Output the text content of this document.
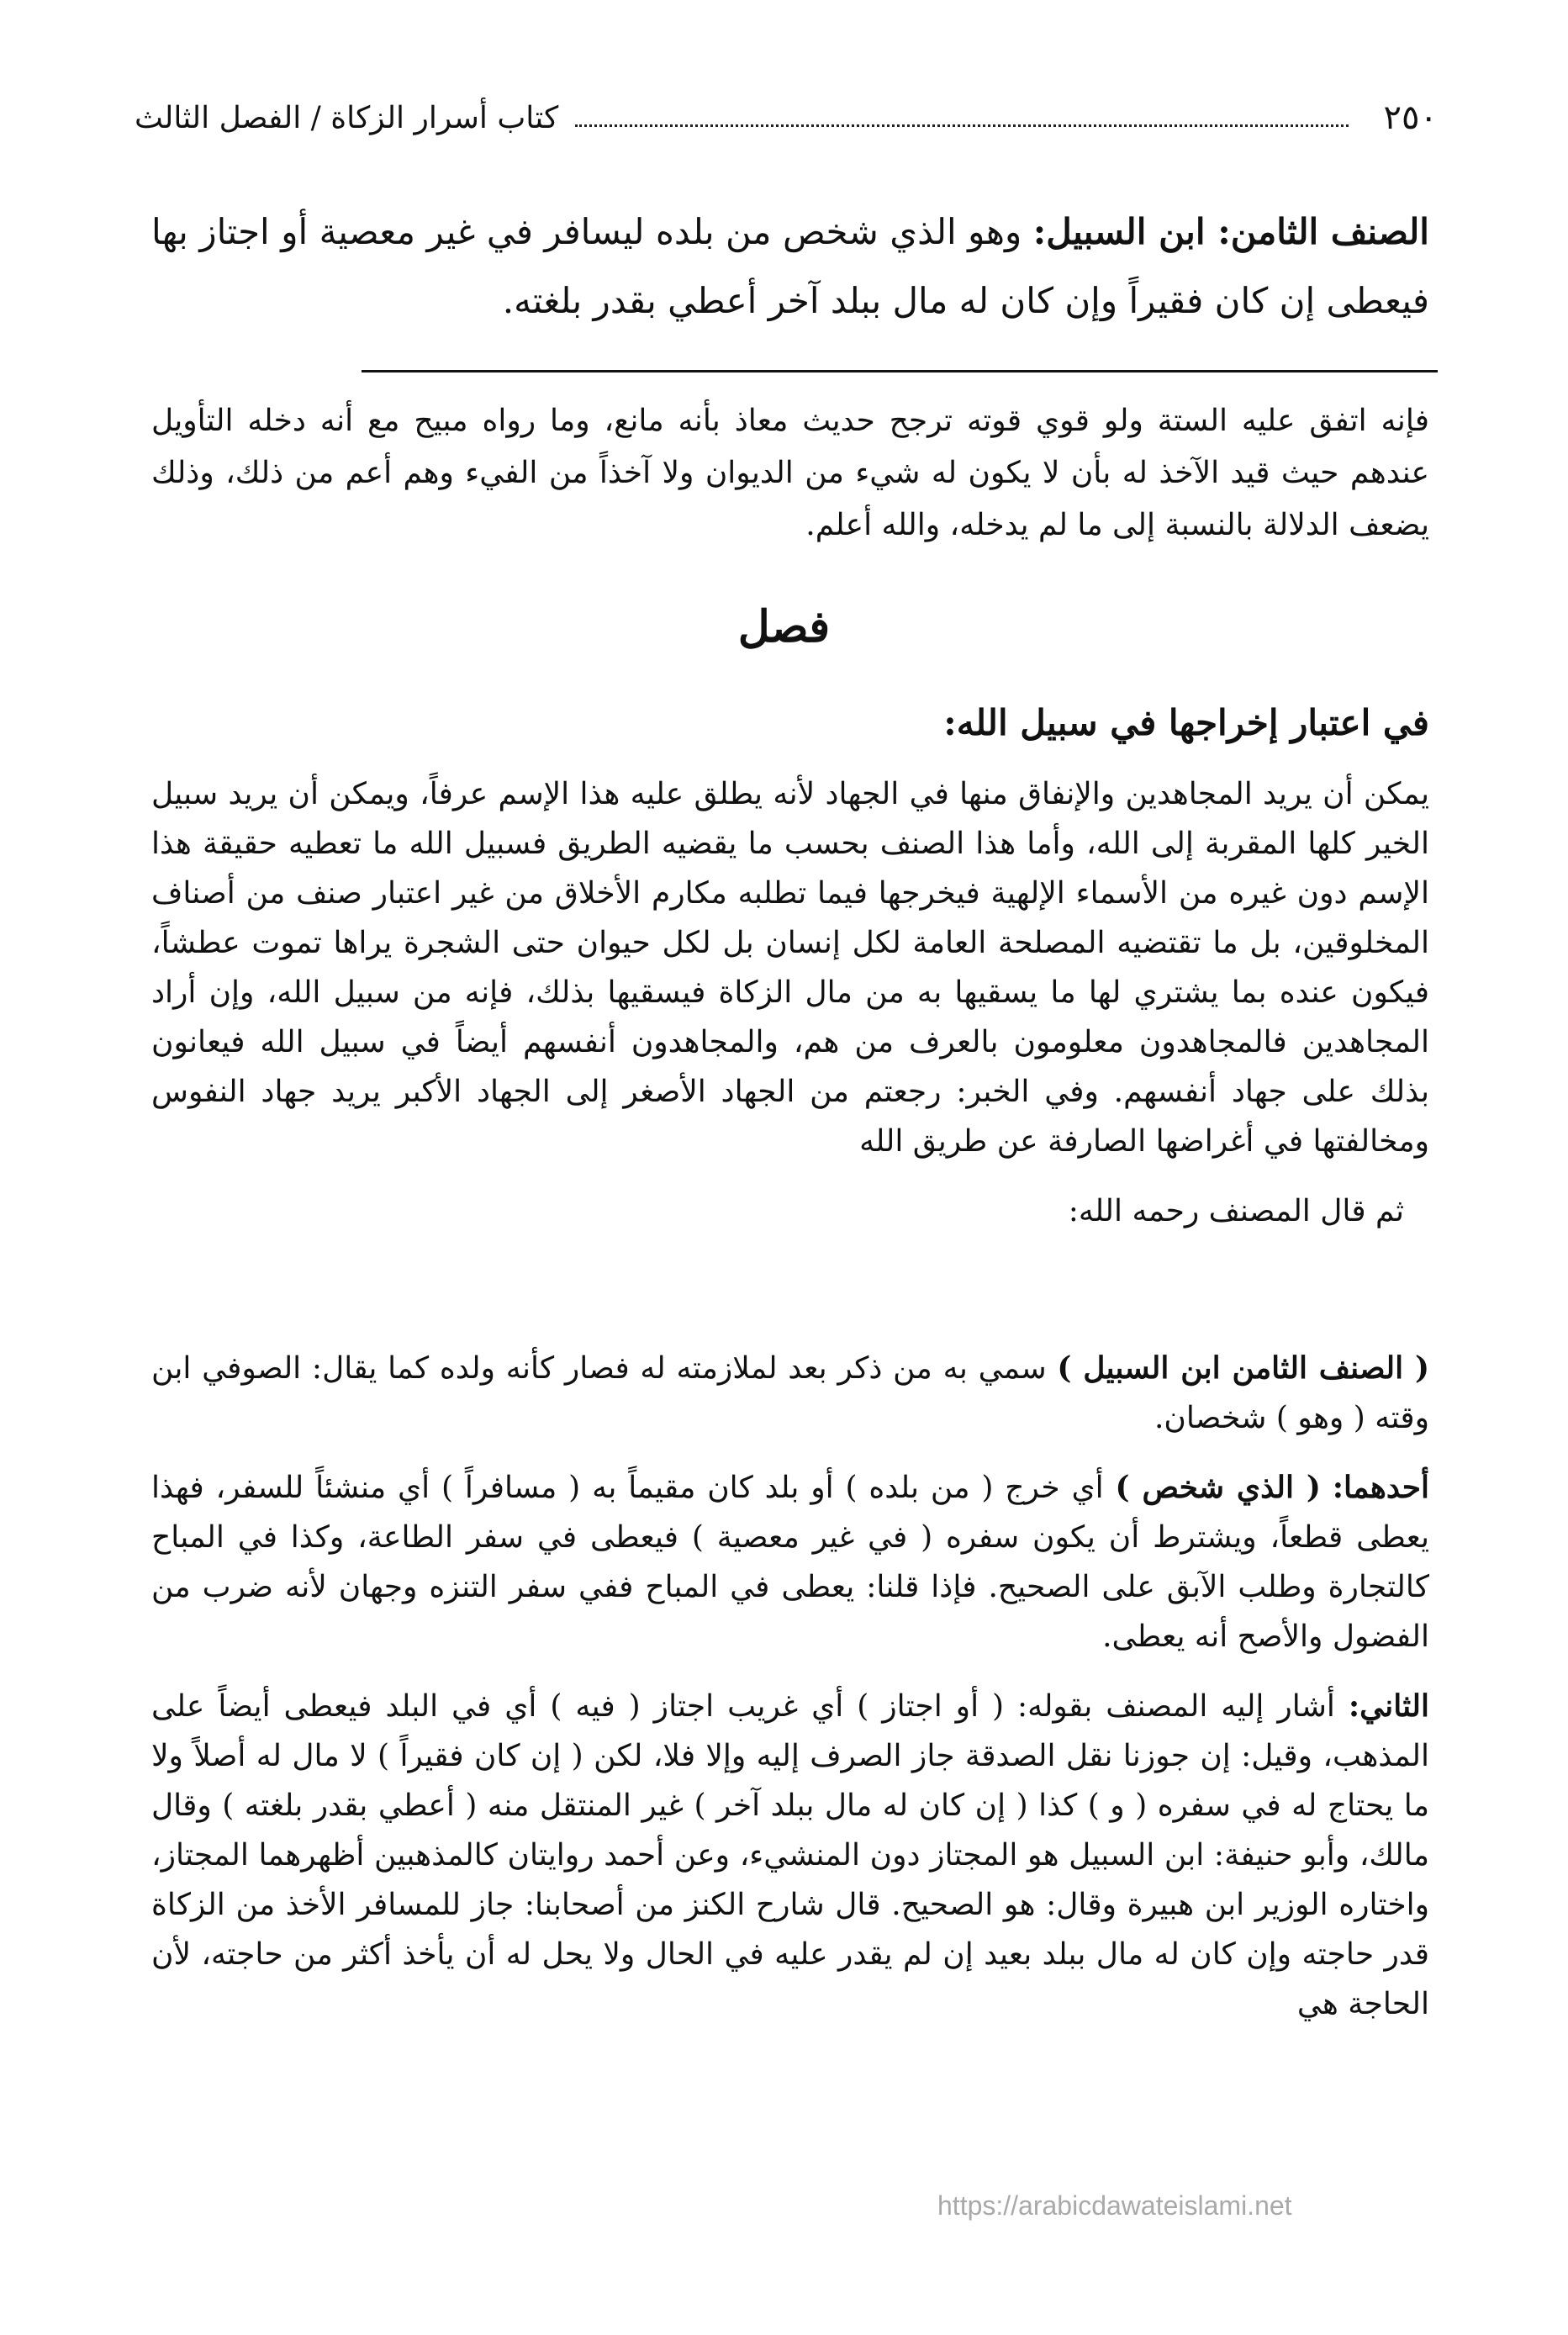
٢٥٠
كتاب أسرار الزكاة / الفصل الثالث

الصنف الثامن: ابن السبيل: وهو الذي شخص من بلده ليسافر في غير معصية أو اجتاز بها فيعطى إن كان فقيراً وإن كان له مال ببلد آخر أعطي بقدر بلغته.

فإنه اتفق عليه الستة ولو قوي قوته ترجح حديث معاذ بأنه مانع، وما رواه مبيح مع أنه دخله التأويل عندهم حيث قيد الآخذ له بأن لا يكون له شيء من الديوان ولا آخذاً من الفيء وهم أعم من ذلك، وذلك يضعف الدلالة بالنسبة إلى ما لم يدخله، والله أعلم.

فصل
في اعتبار إخراجها في سبيل الله:

يمكن أن يريد المجاهدين والإنفاق منها في الجهاد لأنه يطلق عليه هذا الإسم عرفاً، ويمكن أن يريد سبيل الخير كلها المقربة إلى الله، وأما هذا الصنف بحسب ما يقضيه الطريق فسبيل الله ما تعطيه حقيقة هذا الإسم دون غيره من الأسماء الإلهية فيخرجها فيما تطلبه مكارم الأخلاق من غير اعتبار صنف من أصناف المخلوقين، بل ما تقتضيه المصلحة العامة لكل إنسان بل لكل حيوان حتى الشجرة يراها تموت عطشاً، فيكون عنده بما يشتري لها ما يسقيها به من مال الزكاة فيسقيها بذلك، فإنه من سبيل الله، وإن أراد المجاهدين فالمجاهدون معلومون بالعرف من هم، والمجاهدون أنفسهم أيضاً في سبيل الله فيعانون بذلك على جهاد أنفسهم. وفي الخبر: رجعتم من الجهاد الأصغر إلى الجهاد الأكبر يريد جهاد النفوس ومخالفتها في أغراضها الصارفة عن طريق الله

ثم قال المصنف رحمه الله:

( الصنف الثامن ابن السبيل ) سمي به من ذكر بعد لملازمته له فصار كأنه ولده كما يقال: الصوفي ابن وقته ( وهو ) شخصان.

أحدهما: ( الذي شخص ) أي خرج ( من بلده ) أو بلد كان مقيماً به ( مسافراً ) أي منشئاً للسفر، فهذا يعطى قطعاً، ويشترط أن يكون سفره ( في غير معصية ) فيعطى في سفر الطاعة، وكذا في المباح كالتجارة وطلب الآبق على الصحيح. فإذا قلنا: يعطى في المباح ففي سفر التنزه وجهان لأنه ضرب من الفضول والأصح أنه يعطى.

الثاني: أشار إليه المصنف بقوله: ( أو اجتاز ) أي غريب اجتاز ( فيه ) أي في البلد فيعطى أيضاً على المذهب، وقيل: إن جوزنا نقل الصدقة جاز الصرف إليه وإلا فلا، لكن ( إن كان فقيراً ) لا مال له أصلاً ولا ما يحتاج له في سفره ( و ) كذا ( إن كان له مال ببلد آخر ) غير المنتقل منه ( أعطي بقدر بلغته ) وقال مالك، وأبو حنيفة: ابن السبيل هو المجتاز دون المنشيء، وعن أحمد روايتان كالمذهبين أظهرهما المجتاز، واختاره الوزير ابن هبيرة وقال: هو الصحيح. قال شارح الكنز من أصحابنا: جاز للمسافر الأخذ من الزكاة قدر حاجته وإن كان له مال ببلد بعيد إن لم يقدر عليه في الحال ولا يحل له أن يأخذ أكثر من حاجته، لأن الحاجة هي

https://arabicdawateislami.net
